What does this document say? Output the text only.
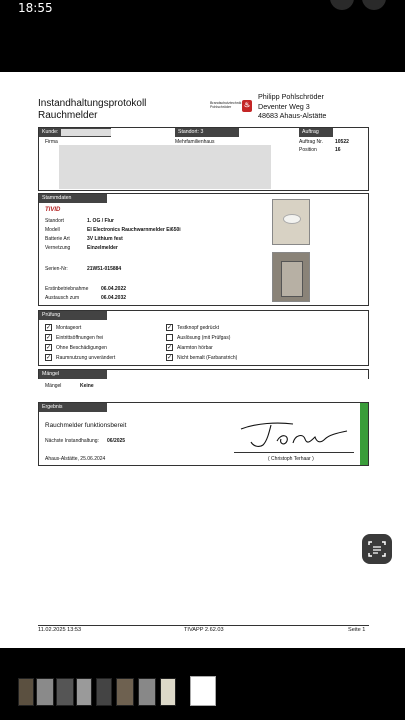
18:55
Instandhaltungsprotokoll
Rauchmelder
Brandschutztechnik Pohlschröder	♨
Philipp Pohlschröder
Deventer Weg 3
48683 Ahaus-Alstätte
Kunde:	Standort: 3	Auftrag
Firma	Mehrfamilienhaus	Auftrag Nr. 10522
Position	16
Stammdaten
TIVID
Standort	1. OG / Flur
Modell	EI Electronics Rauchwarnmelder Ei650i
Batterie Art	3V Lithium fest
Vernetzung	Einzelmelder
Serien-Nr:	21W51-015884
Erstinbetriebnahme	06.04.2022
Austausch zum	06.04.2032
Prüfung
✓ Montageort
✓ Eintrittsöffnungen frei
✓ Ohne Beschädigungen
✓ Raumnutzung unverändert
✓ Testknopf gedrückt
Auslösung (mit Prüfgas)
✓ Alarmton hörbar
✓ Nicht bemalt (Farbanstrich)
Mängel
Mängel	Keine
Ergebnis
Rauchmelder funktionsbereit
Nächste Instandhaltung: 06/2025
Ahaus-Alstätte, 25.06.2024	( Christoph Terhaar )
11.02.2025 13:53	TIVAPP 2.62.03	Seite 1
